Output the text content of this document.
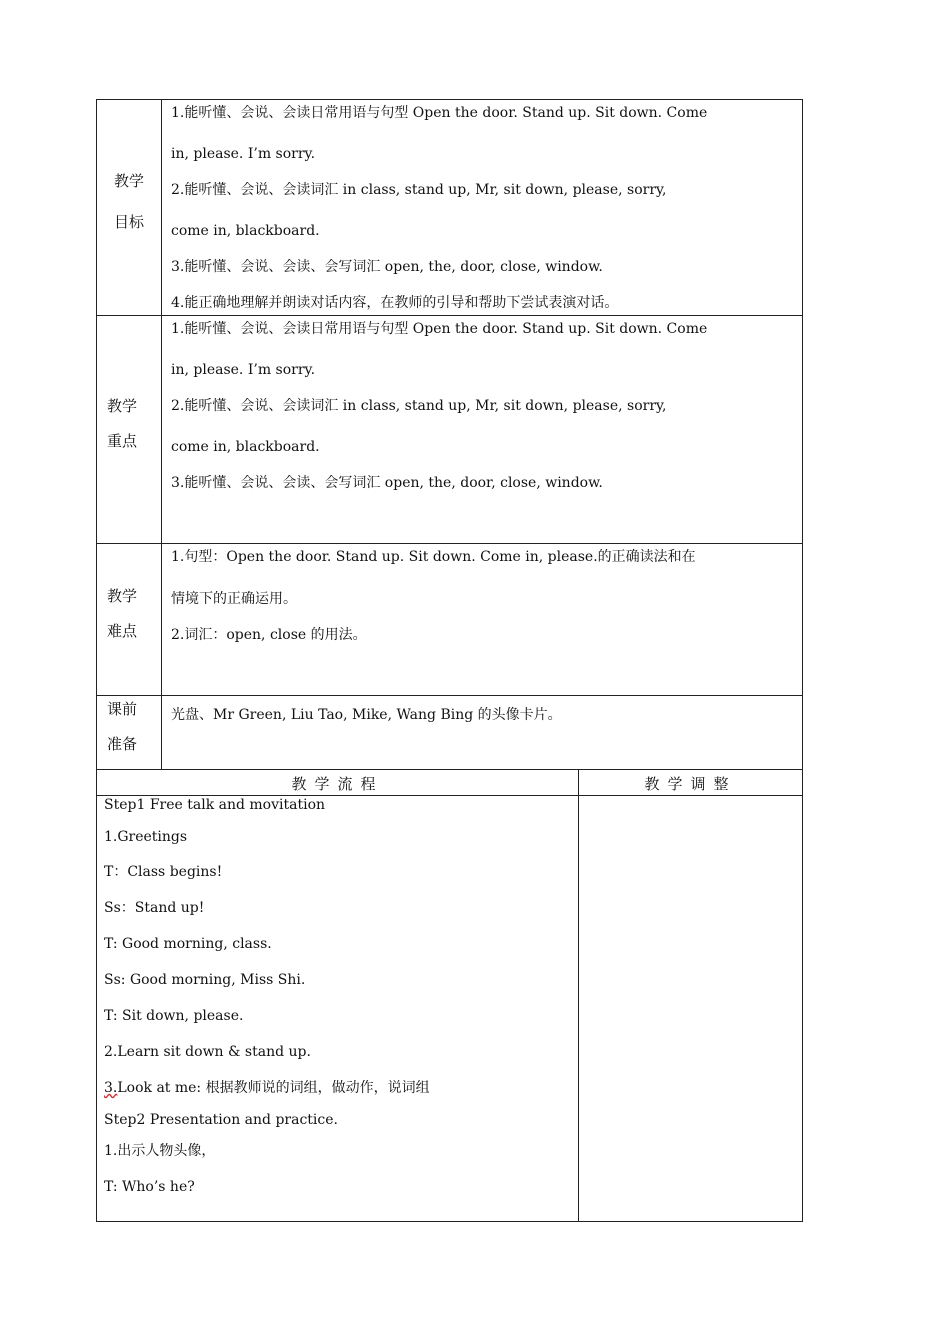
教学
目标
1.能听懂、会说、会读日常用语与句型 Open the door. Stand up. Sit down. Come
in, please. I’m sorry.
2.能听懂、会说、会读词汇 in class, stand up, Mr, sit down, please, sorry,
come in, blackboard.
3.能听懂、会说、会读、会写词汇 open, the, door, close, window.
4.能正确地理解并朗读对话内容，在教师的引导和帮助下尝试表演对话。
教学
重点
1.能听懂、会说、会读日常用语与句型 Open the door. Stand up. Sit down. Come
in, please. I’m sorry.
2.能听懂、会说、会读词汇 in class, stand up, Mr, sit down, please, sorry,
come in, blackboard.
3.能听懂、会说、会读、会写词汇 open, the, door, close, window.
教学
难点
1.句型：Open the door. Stand up. Sit down. Come in, please.的正确读法和在
情境下的正确运用。
2.词汇：open, close 的用法。
课前
准备
光盘、Mr Green, Liu Tao, Mike, Wang Bing 的头像卡片。
教学流程	教学调整
Step1 Free talk and movitation
1.Greetings
T：Class begins!
Ss：Stand up!
T: Good morning, class.
Ss: Good morning, Miss Shi.
T: Sit down, please.
2.Learn sit down & stand up.
3.Look at me: 根据教师说的词组，做动作，说词组
Step2 Presentation and practice.
1.出示人物头像，
T: Who’s he?
